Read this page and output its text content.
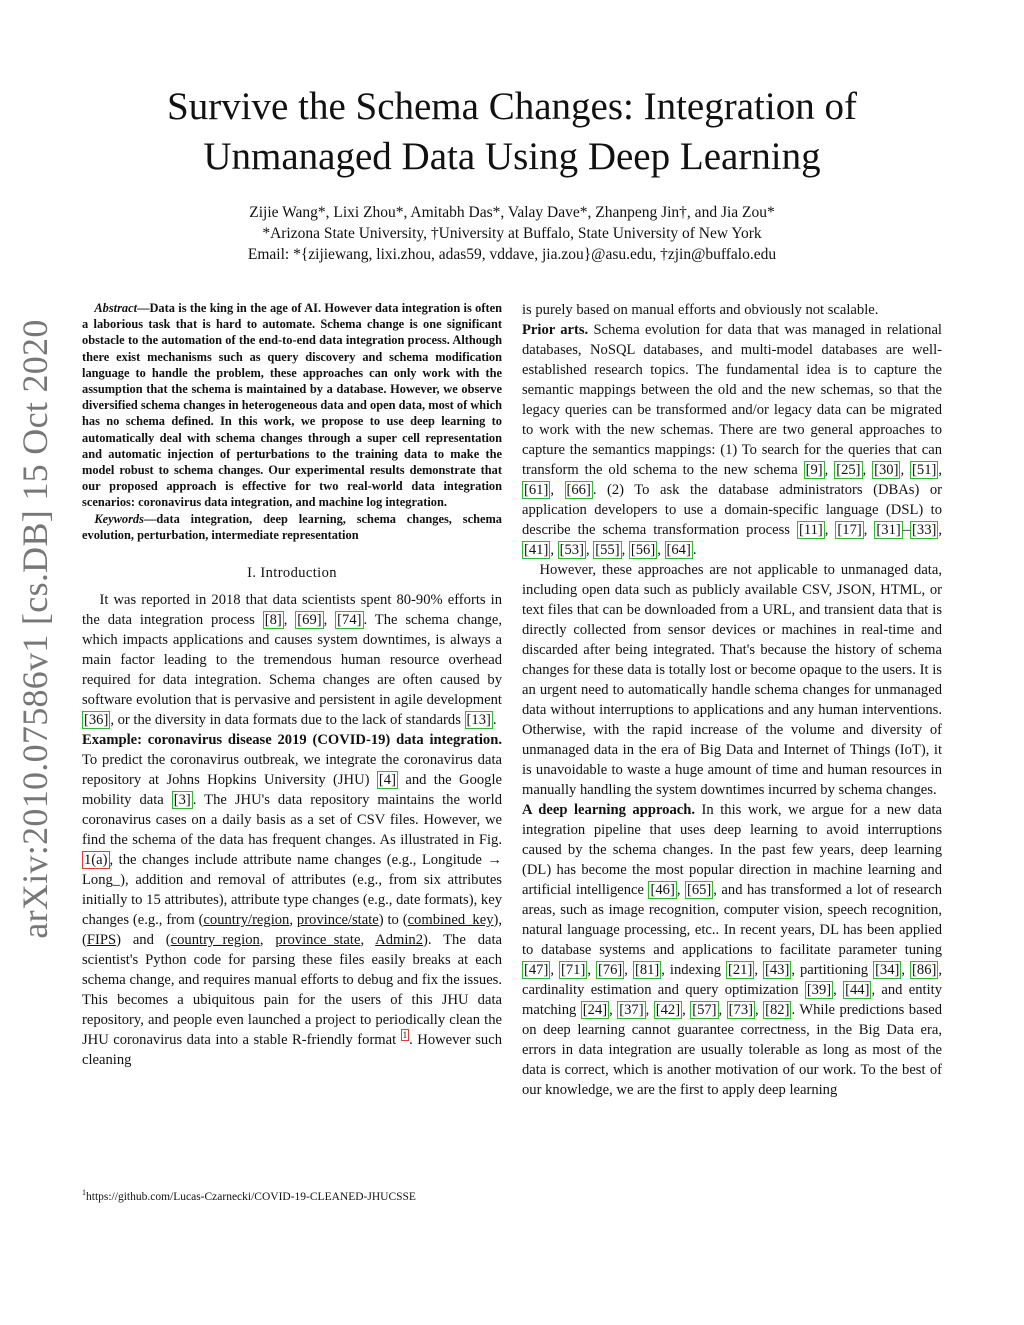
arXiv:2010.07586v1 [cs.DB] 15 Oct 2020
Survive the Schema Changes: Integration of
Unmanaged Data Using Deep Learning
Zijie Wang*, Lixi Zhou*, Amitabh Das*, Valay Dave*, Zhanpeng Jin†, and Jia Zou*
*Arizona State University, †University at Buffalo, State University of New York
Email: *{zijiewang, lixi.zhou, adas59, vddave, jia.zou}@asu.edu, †zjin@buffalo.edu

Abstract—Data is the king in the age of AI. However data integration is often a laborious task that is hard to automate. Schema change is one significant obstacle to the automation of the end-to-end data integration process. Although there exist mechanisms such as query discovery and schema modification language to handle the problem, these approaches can only work with the assumption that the schema is maintained by a database. However, we observe diversified schema changes in heterogeneous data and open data, most of which has no schema defined. In this work, we propose to use deep learning to automatically deal with schema changes through a super cell representation and automatic injection of perturbations to the training data to make the model robust to schema changes. Our experimental results demonstrate that our proposed approach is effective for two real-world data integration scenarios: coronavirus data integration, and machine log integration.

Keywords—data integration, deep learning, schema changes, schema evolution, perturbation, intermediate representation

I. Introduction

It was reported in 2018 that data scientists spent 80-90% efforts in the data integration process [8] , [69] , [74] . The schema change, which impacts applications and causes system downtimes, is always a main factor leading to the tremendous human resource overhead required for data integration. Schema changes are often caused by software evolution that is pervasive and persistent in agile development [36] , or the diversity in data formats due to the lack of standards [13] .

Example: coronavirus disease 2019 (COVID-19) data integration. To predict the coronavirus outbreak, we integrate the coronavirus data repository at Johns Hopkins University (JHU) [4] and the Google mobility data [3] . The JHU's data repository maintains the world coronavirus cases on a daily basis as a set of CSV files. However, we find the schema of the data has frequent changes. As illustrated in Fig. 1(a) , the changes include attribute name changes (e.g., Longitude → Long_), addition and removal of attributes (e.g., from six attributes initially to 15 attributes), attribute type changes (e.g., date formats), key changes (e.g., from (country/region, province/state) to (combined_key), (FIPS) and (country_region, province_state, Admin2). The data scientist's Python code for parsing these files easily breaks at each schema change, and requires manual efforts to debug and fix the issues. This becomes a ubiquitous pain for the users of this JHU data repository, and people even launched a project to periodically clean the JHU coronavirus data into a stable R-friendly format $^1$ . However such cleaning

$^1$https://github.com/Lucas-Czarnecki/COVID-19-CLEANED-JHUCSSE

is purely based on manual efforts and obviously not scalable.

Prior arts. Schema evolution for data that was managed in relational databases, NoSQL databases, and multi-model databases are well-established research topics. The fundamental idea is to capture the semantic mappings between the old and the new schemas, so that the legacy queries can be transformed and/or legacy data can be migrated to work with the new schemas. There are two general approaches to capture the semantics mappings: (1) To search for the queries that can transform the old schema to the new schema [9] , [25] , [30] , [51] , [61] , [66] . (2) To ask the database administrators (DBAs) or application developers to use a domain-specific language (DSL) to describe the schema transformation process [11] , [17] , [31] – [33] , [41] , [53] , [55] , [56] , [64] .

However, these approaches are not applicable to unmanaged data, including open data such as publicly available CSV, JSON, HTML, or text files that can be downloaded from a URL, and transient data that is directly collected from sensor devices or machines in real-time and discarded after being integrated. That's because the history of schema changes for these data is totally lost or become opaque to the users. It is an urgent need to automatically handle schema changes for unmanaged data without interruptions to applications and any human interventions. Otherwise, with the rapid increase of the volume and diversity of unmanaged data in the era of Big Data and Internet of Things (IoT), it is unavoidable to waste a huge amount of time and human resources in manually handling the system downtimes incurred by schema changes.

A deep learning approach. In this work, we argue for a new data integration pipeline that uses deep learning to avoid interruptions caused by the schema changes. In the past few years, deep learning (DL) has become the most popular direction in machine learning and artificial intelligence [46] , [65] , and has transformed a lot of research areas, such as image recognition, computer vision, speech recognition, natural language processing, etc.. In recent years, DL has been applied to database systems and applications to facilitate parameter tuning [47] , [71] , [76] , [81] , indexing [21] , [43] , partitioning [34] , [86] , cardinality estimation and query optimization [39] , [44] , and entity matching [24] , [37] , [42] , [57] , [73] , [82] . While predictions based on deep learning cannot guarantee correctness, in the Big Data era, errors in data integration are usually tolerable as long as most of the data is correct, which is another motivation of our work. To the best of our knowledge, we are the first to apply deep learning
